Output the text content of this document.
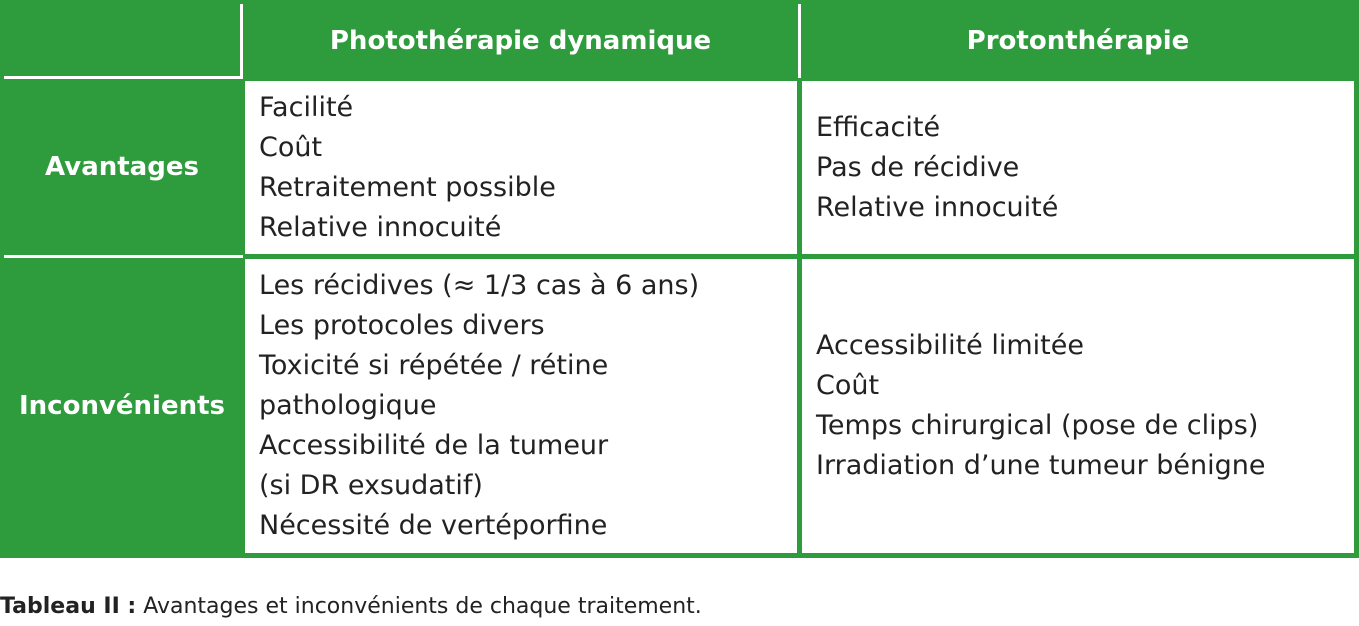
Photothérapie dynamique	Protonthérapie
Avantages
Inconvénients
Facilité
Coût
Retraitement possible
Relative innocuité
Efficacité
Pas de récidive
Relative innocuité
Les récidives (≈ 1/3 cas à 6 ans)
Les protocoles divers
Toxicité si répétée / rétine
pathologique
Accessibilité de la tumeur
(si DR exsudatif)
Nécessité de vertéporfine
Accessibilité limitée
Coût
Temps chirurgical (pose de clips)
Irradiation d’une tumeur bénigne
Tableau II : Avantages et inconvénients de chaque traitement.
